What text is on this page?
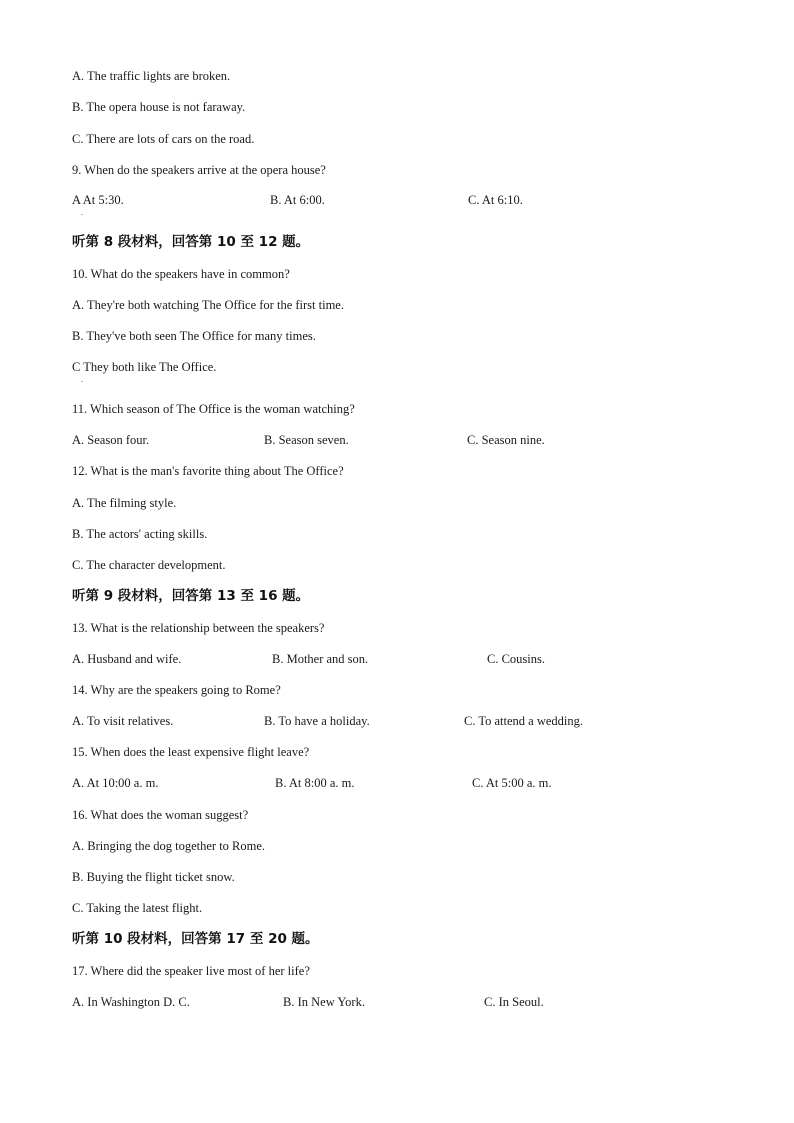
A. The traffic lights are broken.
B. The opera house is not faraway.
C. There are lots of cars on the road.
9. When do the speakers arrive at the opera house?
A At 5:30.
.
B. At 6:00.	C. At 6:10.
听第 8 段材料，回答第 10 至 12 题。
10. What do the speakers have in common?
A. They're both watching The Office for the first time.
B. They've both seen The Office for many times.
C They both like The Office.
.
11. Which season of The Office is the woman watching?
A. Season four.	B. Season seven.	C. Season nine.
12. What is the man's favorite thing about The Office?
A. The filming style.
B. The actors' acting skills.
C. The character development.
听第 9 段材料，回答第 13 至 16 题。
13. What is the relationship between the speakers?
A. Husband and wife.	B. Mother and son.	C. Cousins.
14. Why are the speakers going to Rome?
A. To visit relatives.	B. To have a holiday.	C. To attend a wedding.
15. When does the least expensive flight leave?
A. At 10:00 a. m.	B. At 8:00 a. m.	C. At 5:00 a. m.
16. What does the woman suggest?
A. Bringing the dog together to Rome.
B. Buying the flight ticket snow.
C. Taking the latest flight.
听第 10 段材料，回答第 17 至 20 题。
17. Where did the speaker live most of her life?
A. In Washington D. C.	B. In New York.	C. In Seoul.
